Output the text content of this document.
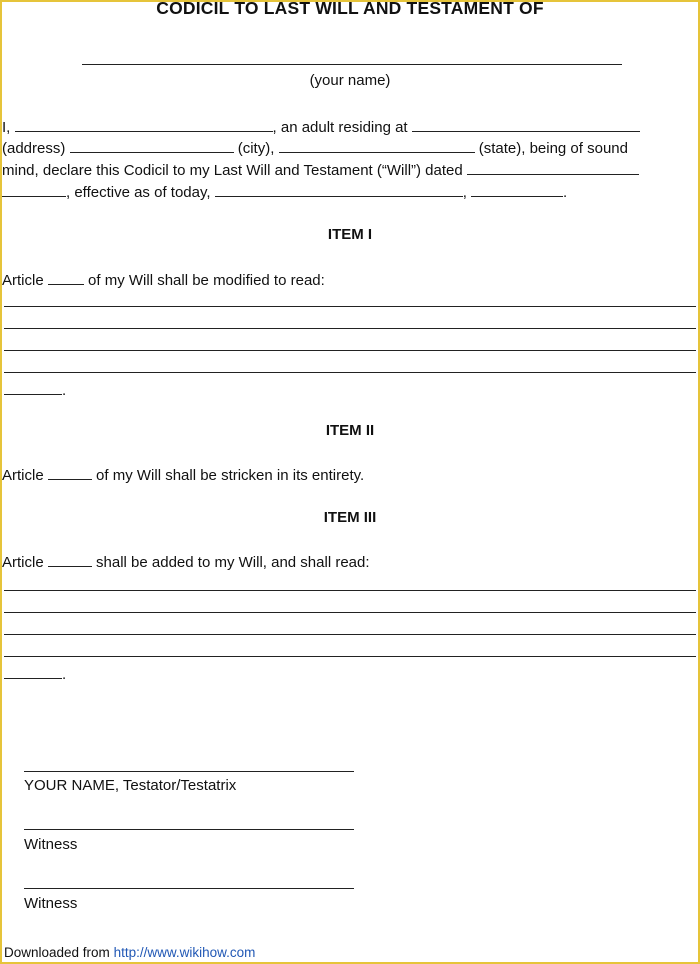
CODICIL TO LAST WILL AND TESTAMENT OF
(your name)
I,	, an adult residing at
(address)	(city),	(state), being of sound
mind, declare this Codicil to my Last Will and Testament (“Will”) dated
, effective as of today,	,	.
ITEM I
Article	of my Will shall be modified to read:
.
ITEM II
Article	of my Will shall be stricken in its entirety.
ITEM III
Article	shall be added to my Will, and shall read:
.
YOUR NAME, Testator/Testatrix
Witness
Witness
Downloaded from http://www.wikihow.com
